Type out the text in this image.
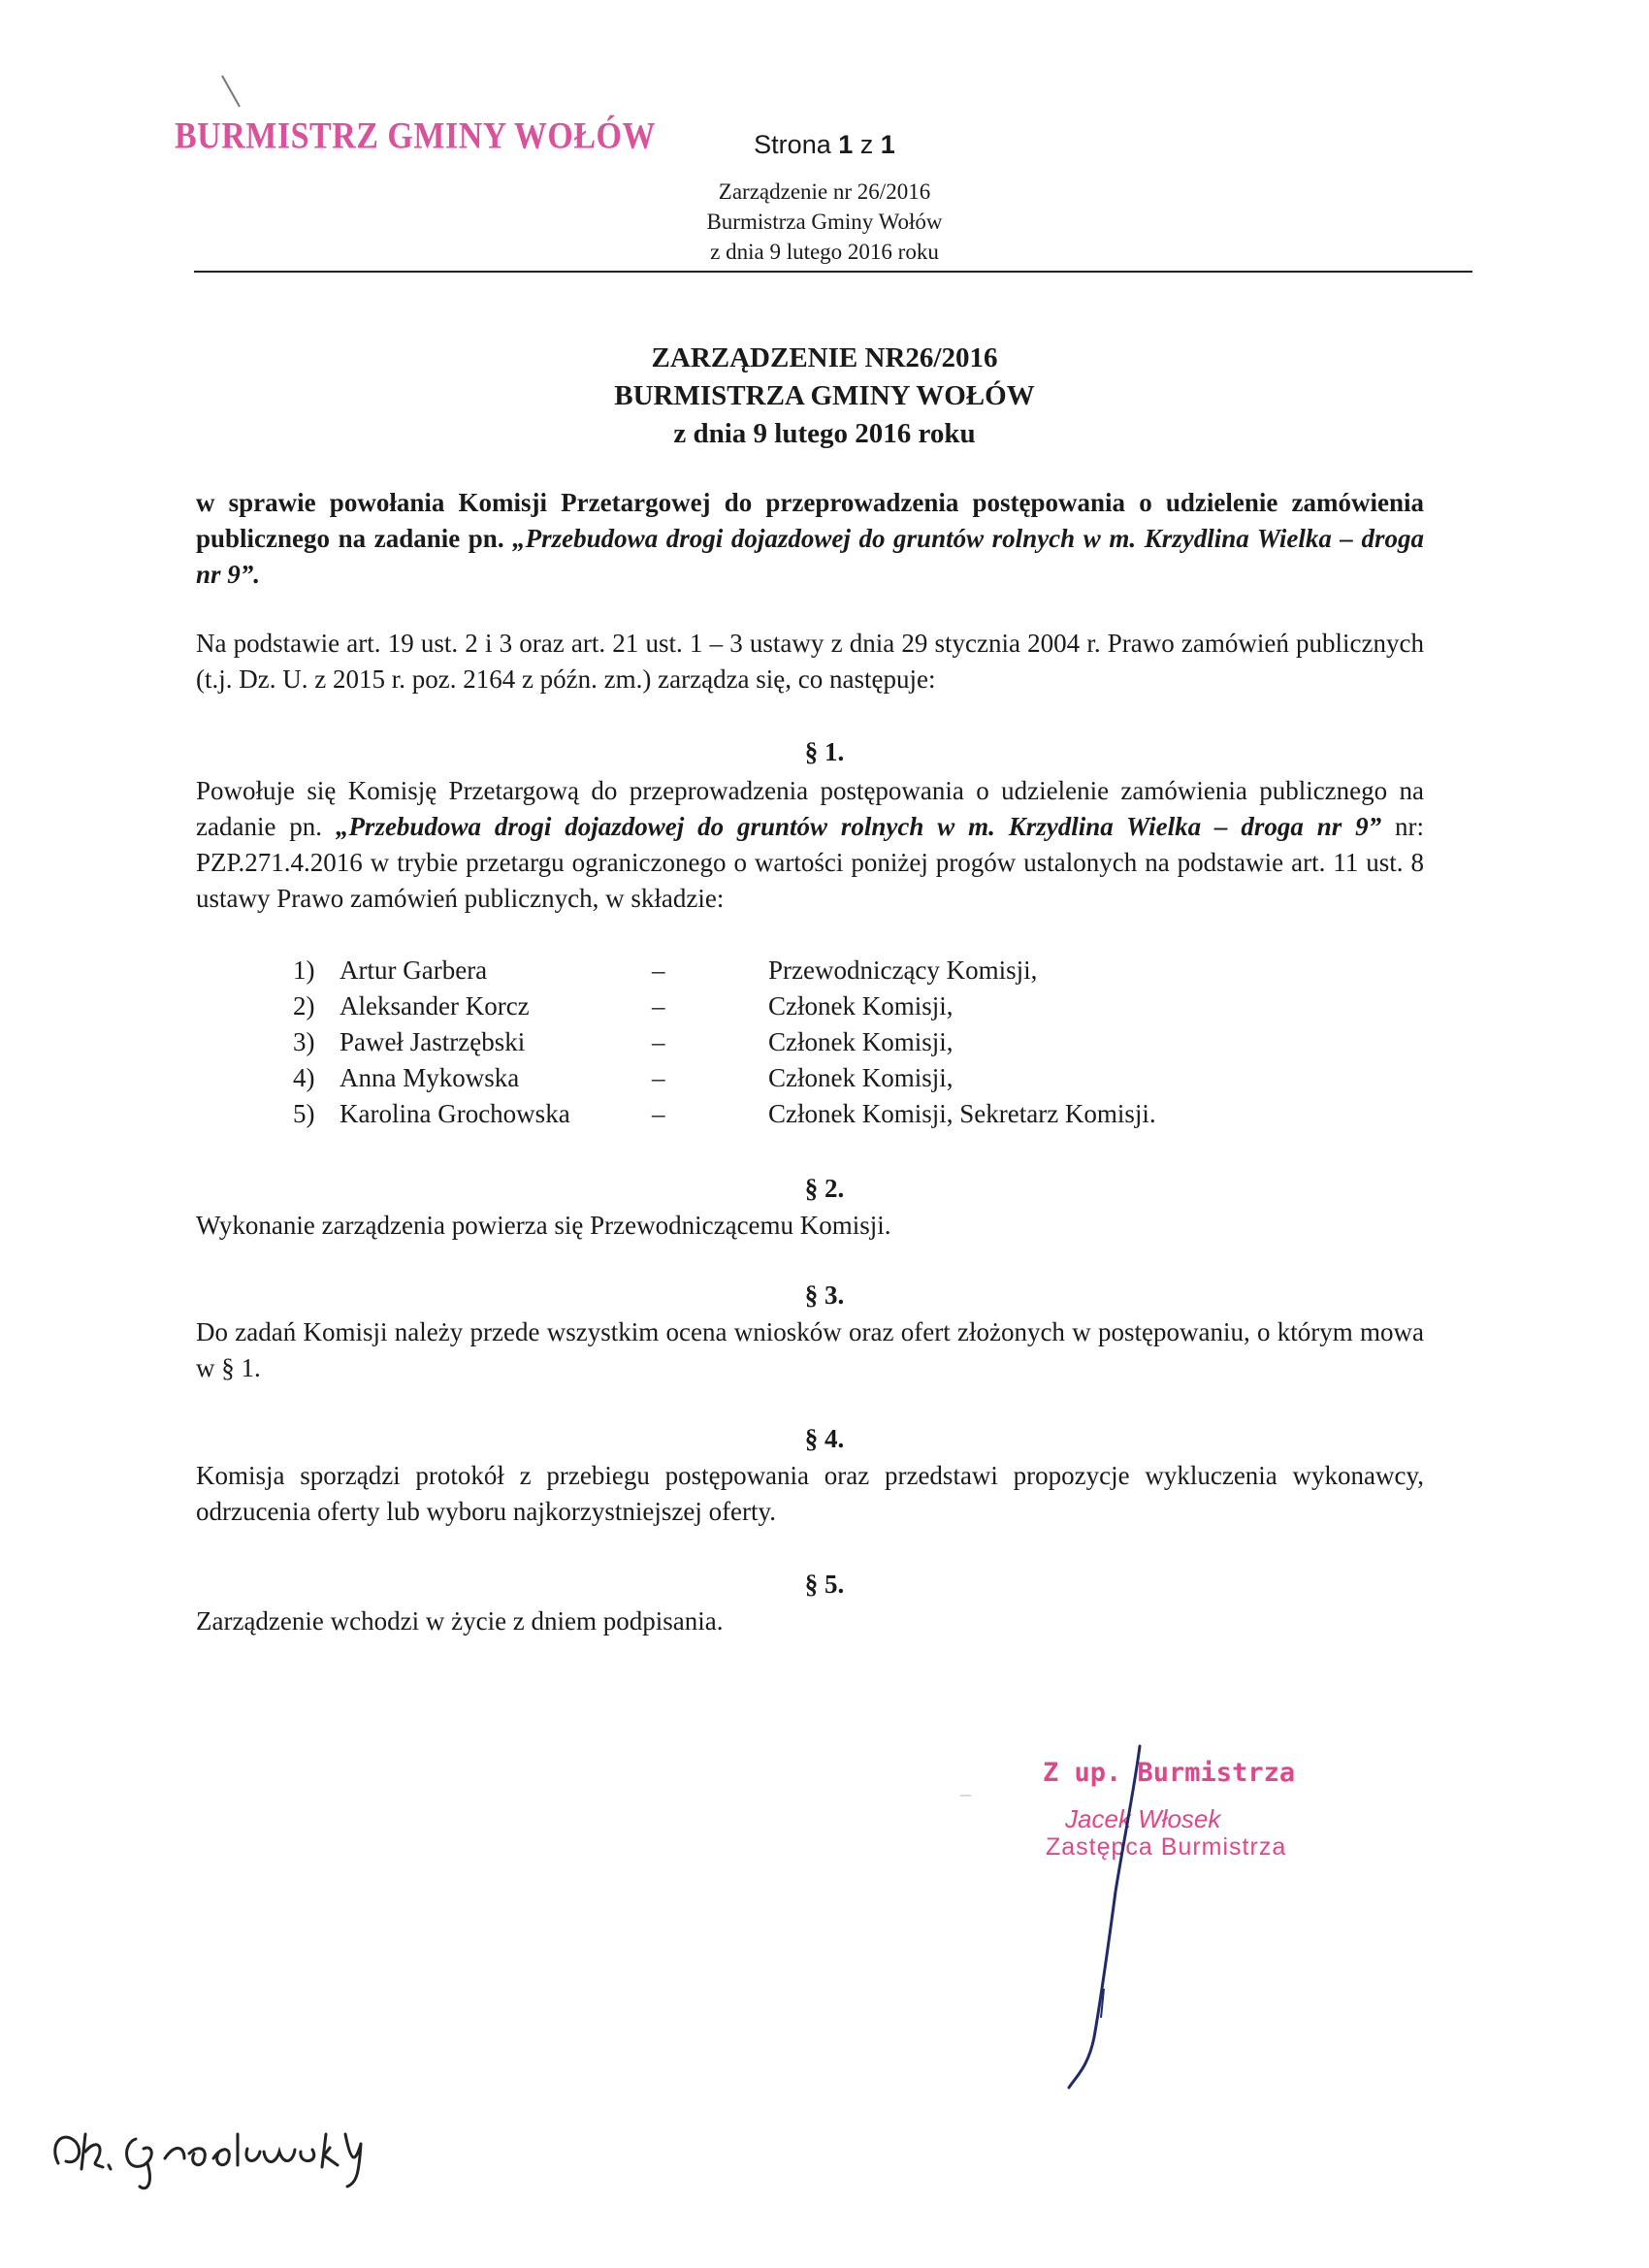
BURMISTRZ GMINY WOŁÓW	Strona 1 z 1
Zarządzenie nr 26/2016
Burmistrza Gminy Wołów
z dnia 9 lutego 2016 roku
ZARZĄDZENIE NR26/2016
BURMISTRZA GMINY WOŁÓW
z dnia 9 lutego 2016 roku
w sprawie powołania Komisji Przetargowej do przeprowadzenia postępowania o udzielenie zamówienia publicznego na zadanie pn. „Przebudowa drogi dojazdowej do gruntów rolnych w m. Krzydlina Wielka – droga nr 9”.
Na podstawie art. 19 ust. 2 i 3 oraz art. 21 ust. 1 – 3 ustawy z dnia 29 stycznia 2004 r. Prawo zamówień publicznych (t.j. Dz. U. z 2015 r. poz. 2164 z późn. zm.) zarządza się, co następuje:
§ 1.
Powołuje się Komisję Przetargową do przeprowadzenia postępowania o udzielenie zamówienia publicznego na zadanie pn. „Przebudowa drogi dojazdowej do gruntów rolnych w m. Krzydlina Wielka – droga nr 9” nr: PZP.271.4.2016 w trybie przetargu ograniczonego o wartości poniżej progów ustalonych na podstawie art. 11 ust. 8 ustawy Prawo zamówień publicznych, w składzie:
1) Artur Garbera	–	Przewodniczący Komisji,
2) Aleksander Korcz	–	Członek Komisji,
3) Paweł Jastrzębski	–	Członek Komisji,
4) Anna Mykowska	–	Członek Komisji,
5) Karolina Grochowska	–	Członek Komisji, Sekretarz Komisji.
§ 2.
Wykonanie zarządzenia powierza się Przewodniczącemu Komisji.
§ 3.
Do zadań Komisji należy przede wszystkim ocena wniosków oraz ofert złożonych w postępowaniu, o którym mowa w § 1.
§ 4.
Komisja sporządzi protokół z przebiegu postępowania oraz przedstawi propozycje wykluczenia wykonawcy, odrzucenia oferty lub wyboru najkorzystniejszej oferty.
§ 5.
Zarządzenie wchodzi w życie z dniem podpisania.
–
Z up. Burmistrza
Jacek Włosek
Zastępca Burmistrza
